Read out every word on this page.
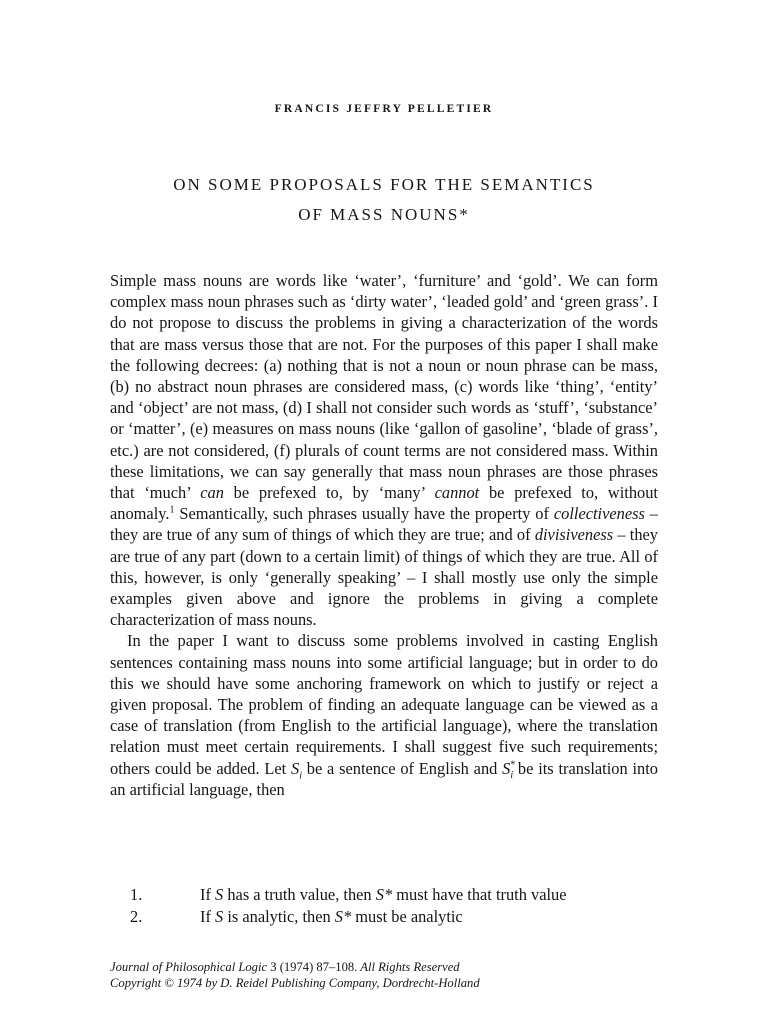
FRANCIS JEFFRY PELLETIER
ON SOME PROPOSALS FOR THE SEMANTICS
OF MASS NOUNS*

Simple mass nouns are words like ‘water’, ‘furniture’ and ‘gold’. We can form complex mass noun phrases such as ‘dirty water’, ‘leaded gold’ and ‘green grass’. I do not propose to discuss the problems in giving a characterization of the words that are mass versus those that are not. For the purposes of this paper I shall make the following decrees: (a) nothing that is not a noun or noun phrase can be mass, (b) no abstract noun phrases are considered mass, (c) words like ‘thing’, ‘entity’ and ‘object’ are not mass, (d) I shall not consider such words as ‘stuff’, ‘substance’ or ‘matter’, (e) measures on mass nouns (like ‘gallon of gasoline’, ‘blade of grass’, etc.) are not considered, (f) plurals of count terms are not considered mass. Within these limitations, we can say generally that mass noun phrases are those phrases that ‘much’ can be prefexed to, by ‘many’ cannot be prefexed to, without anomaly.$^1$ Semantically, such phrases usually have the property of collectiveness – they are true of any sum of things of which they are true; and of divisiveness – they are true of any part (down to a certain limit) of things of which they are true. All of this, however, is only ‘generally speaking’ – I shall mostly use only the simple examples given above and ignore the problems in giving a complete characterization of mass nouns.

In the paper I want to discuss some problems involved in casting English sentences containing mass nouns into some artificial language; but in order to do this we should have some anchoring framework on which to justify or reject a given proposal. The problem of finding an adequate language can be viewed as a case of translation (from English to the artificial language), where the translation relation must meet certain requirements. I shall suggest five such requirements; others could be added. Let $S_i$ be a sentence of English and $S^*_i$ be its translation into an artificial language, then

1.	If S has a truth value, then S* must have that truth value
2.	If S is analytic, then S* must be analytic
Journal of Philosophical Logic 3 (1974) 87–108. All Rights Reserved
Copyright © 1974 by D. Reidel Publishing Company, Dordrecht-Holland
